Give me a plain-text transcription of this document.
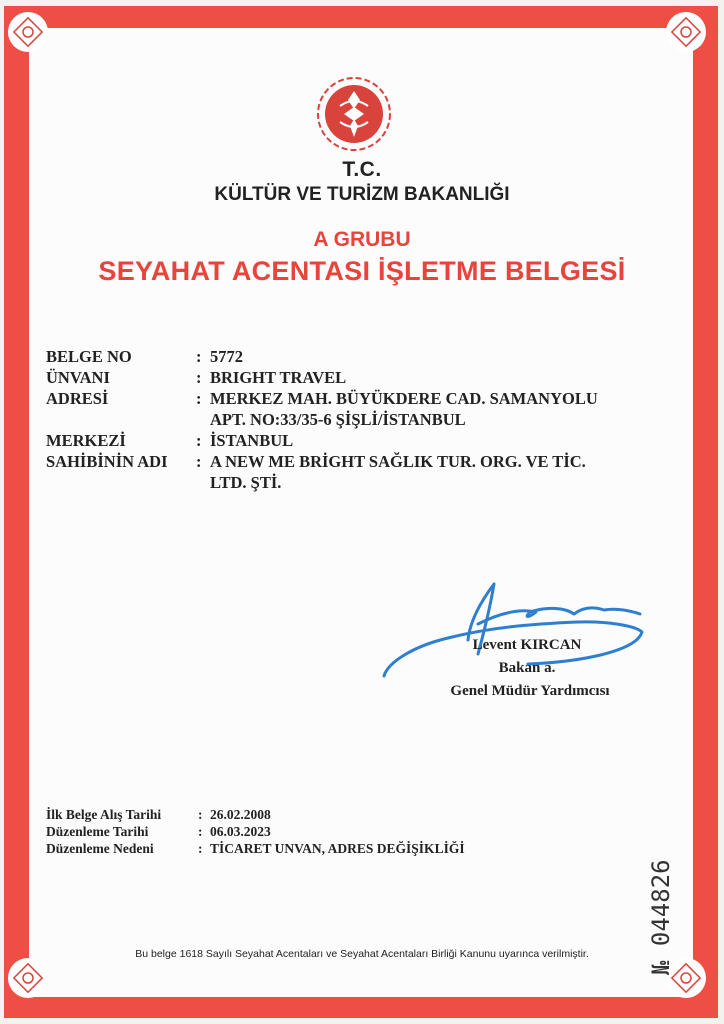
T.C.
KÜLTÜR VE TURİZM BAKANLIĞI
A GRUBU
SEYAHAT ACENTASI İŞLETME BELGESİ
BELGE NO	: 5772
ÜNVANI	: BRIGHT TRAVEL
ADRESİ	: MERKEZ MAH. BÜYÜKDERE CAD. SAMANYOLU
APT. NO:33/35-6 ŞİŞLİ/İSTANBUL
MERKEZİ	: İSTANBUL
SAHİBİNİN ADI	: A NEW ME BRİGHT SAĞLIK TUR. ORG. VE TİC.
LTD. ŞTİ.
Levent KIRCAN
Bakan a.
Genel Müdür Yardımcısı
İlk Belge Alış Tarihi	: 26.02.2008
Düzenleme Tarihi	: 06.03.2023
Düzenleme Nedeni	: TİCARET UNVAN, ADRES DEĞİŞİKLİĞİ
№ 044826
Bu belge 1618 Sayılı Seyahat Acentaları ve Seyahat Acentaları Birliği Kanunu uyarınca verilmiştir.
